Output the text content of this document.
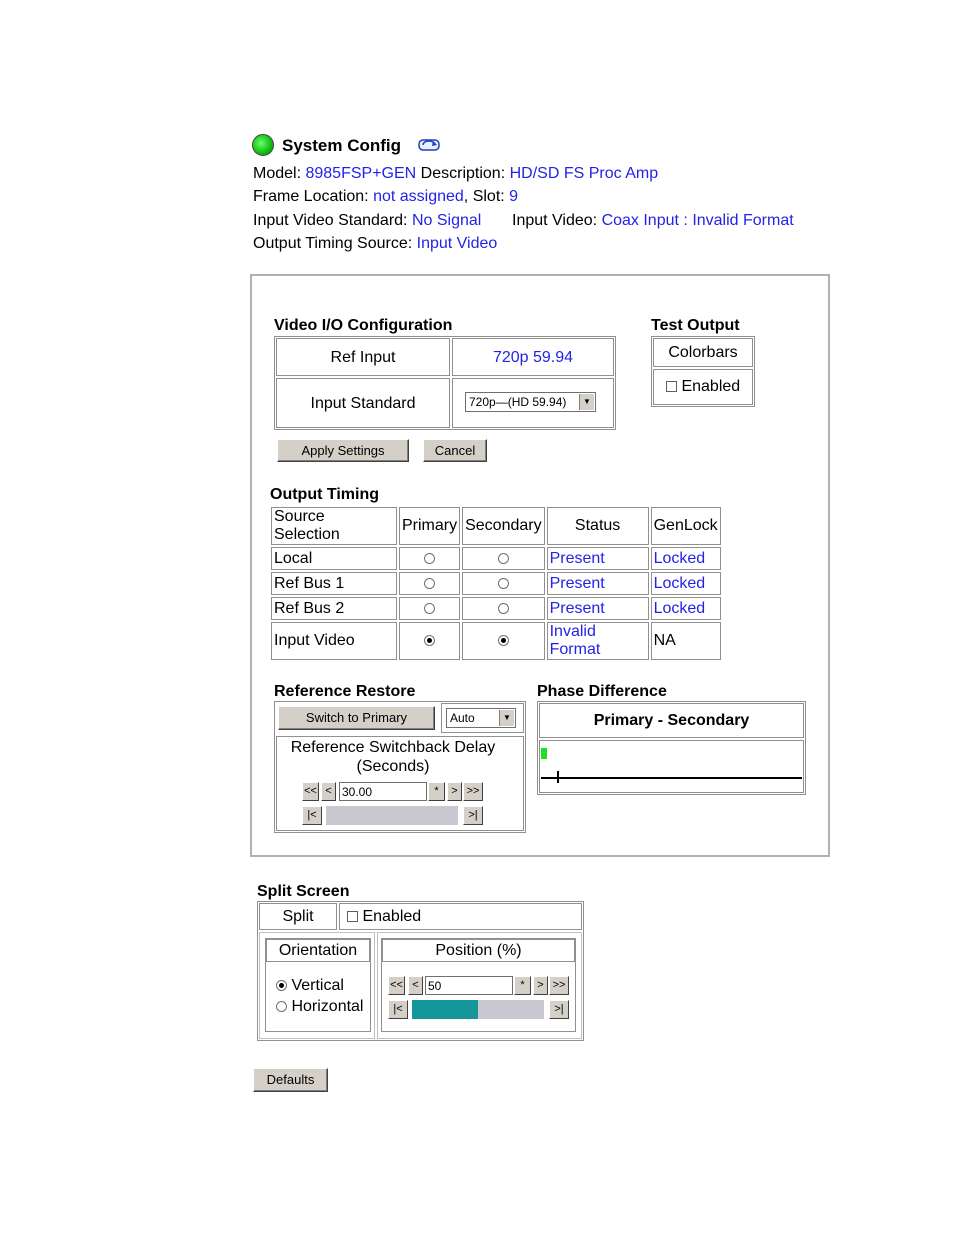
System Config
Model: 8985FSP+GEN Description: HD/SD FS Proc Amp
Frame Location: not assigned, Slot: 9
Input Video Standard: No Signal Input Video: Coax Input : Invalid Format
Output Timing Source: Input Video
Video I/O Configuration
Ref Input	720p 59.94
Input Standard	720p—(HD 59.94)	▼
Apply Settings	Cancel
Test Output
Colorbars
Enabled
Output Timing
Source Selection	Primary	Secondary	Status	GenLock
Local			Present	Locked
Ref Bus 1			Present	Locked
Ref Bus 2			Present	Locked
Input Video			Invalid Format	NA
Reference Restore
Switch to Primary	Auto	▼
Reference Switchback Delay
(Seconds)
<< < 30.00	*	> >>
|<	>|
Phase Difference
Primary - Secondary
Split Screen
Split	Enabled
Orientation
Vertical
Horizontal
Position (%)
<< < 50	*	> >>
|<	>|
Defaults
